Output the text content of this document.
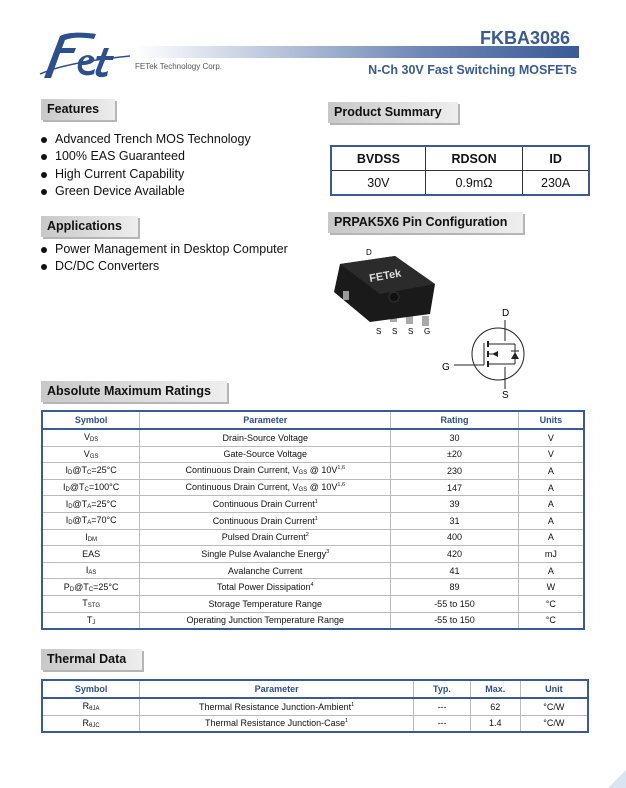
FETek Technology Corp.
FKBA3086
N-Ch 30V Fast Switching MOSFETs
Features
Advanced Trench MOS Technology
100% EAS Guaranteed
High Current Capability
Green Device Available
Applications
Power Management in Desktop Computer
DC/DC Converters
Product Summary
BVDSS	RDSON	ID
30V	0.9mΩ	230A
PRPAK5X6 Pin Configuration
D
FETek
S S S G
D
G
S
Absolute Maximum Ratings
Symbol	Parameter	Rating	Units
VDS	Drain-Source Voltage	30	V
VGS	Gate-Source Voltage	±20	V
ID@TC=25°C	Continuous Drain Current, VGS @ $10V^{1,6}$	230	A
ID@TC=100°C	Continuous Drain Current, VGS @ $10V^{1,6}$	147	A
ID@TA=25°C	Continuous Drain Current$^1$	39	A
ID@TA=70°C	Continuous Drain Current$^1$	31	A
IDM	Pulsed Drain Current$^2$	400	A
EAS	Single Pulse Avalanche Energy$^3$	420	mJ
IAS	Avalanche Current	41	A
PD@TC=25°C	Total Power Dissipation$^4$	89	W
TSTG	Storage Temperature Range	-55 to 150	°C
TJ	Operating Junction Temperature Range	-55 to 150	°C
Thermal Data
Symbol	Parameter	Typ.	Max.	Unit
RθJA	Thermal Resistance Junction-Ambient$^1$	---	62	°C/W
RθJC	Thermal Resistance Junction-Case$^1$	---	1.4	°C/W
